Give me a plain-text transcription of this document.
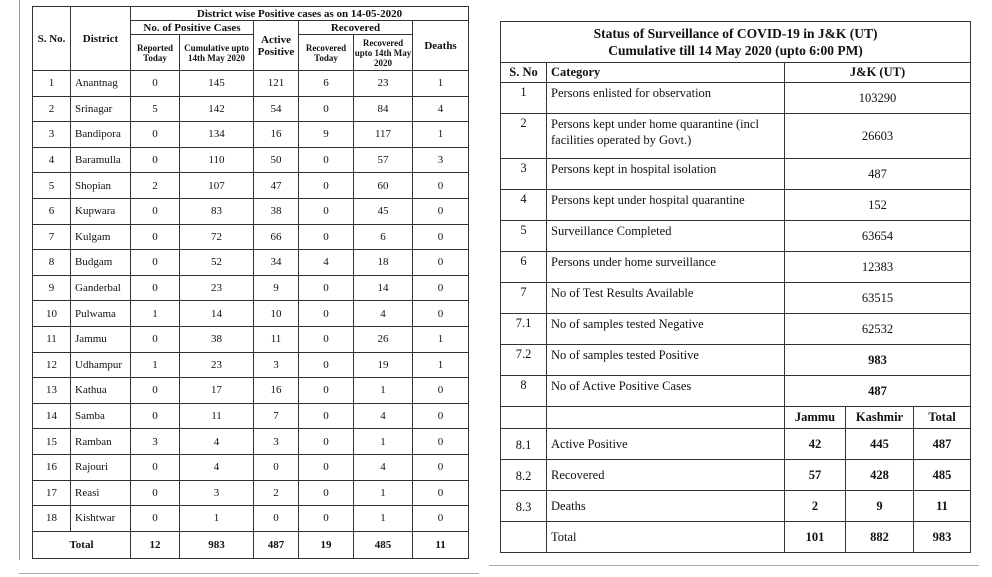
S. No.	District	District wise Positive cases as on 14-05-2020					
		No. of Positive Cases		Active Positive	Recovered		Deaths
		Reported Today	Cumulative upto 14th May 2020		Recovered Today	Recovered upto 14th May 2020	
1	Anantnag	0	145	121	6	23	1
2	Srinagar	5	142	54	0	84	4
3	Bandipora	0	134	16	9	117	1
4	Baramulla	0	110	50	0	57	3
5	Shopian	2	107	47	0	60	0
6	Kupwara	0	83	38	0	45	0
7	Kulgam	0	72	66	0	6	0
8	Budgam	0	52	34	4	18	0
9	Ganderbal	0	23	9	0	14	0
10	Pulwama	1	14	10	0	4	0
11	Jammu	0	38	11	0	26	1
12	Udhampur	1	23	3	0	19	1
13	Kathua	0	17	16	0	1	0
14	Samba	0	11	7	0	4	0
15	Ramban	3	4	3	0	1	0
16	Rajouri	0	4	0	0	4	0
17	Reasi	0	3	2	0	1	0
18	Kishtwar	0	1	0	0	1	0
Total		12	983	487	19	485	11
Status of Surveillance of COVID-19 in J&K (UT)
Cumulative till 14 May 2020 (upto 6:00 PM)				

S. No	Category	J&K (UT)		
1	Persons enlisted for observation	103290		
2	Persons kept under home quarantine (incl facilities operated by Govt.)	26603		
3	Persons kept in hospital isolation	487		
4	Persons kept under hospital quarantine	152		
5	Surveillance Completed	63654		
6	Persons under home surveillance	12383		
7	No of Test Results Available	63515		
7.1	No of samples tested Negative	62532		
7.2	No of samples tested Positive	983		
8	No of Active Positive Cases	487		
		Jammu	Kashmir	Total
8.1	Active Positive	42	445	487
8.2	Recovered	57	428	485
8.3	Deaths	2	9	11
	Total	101	882	983
